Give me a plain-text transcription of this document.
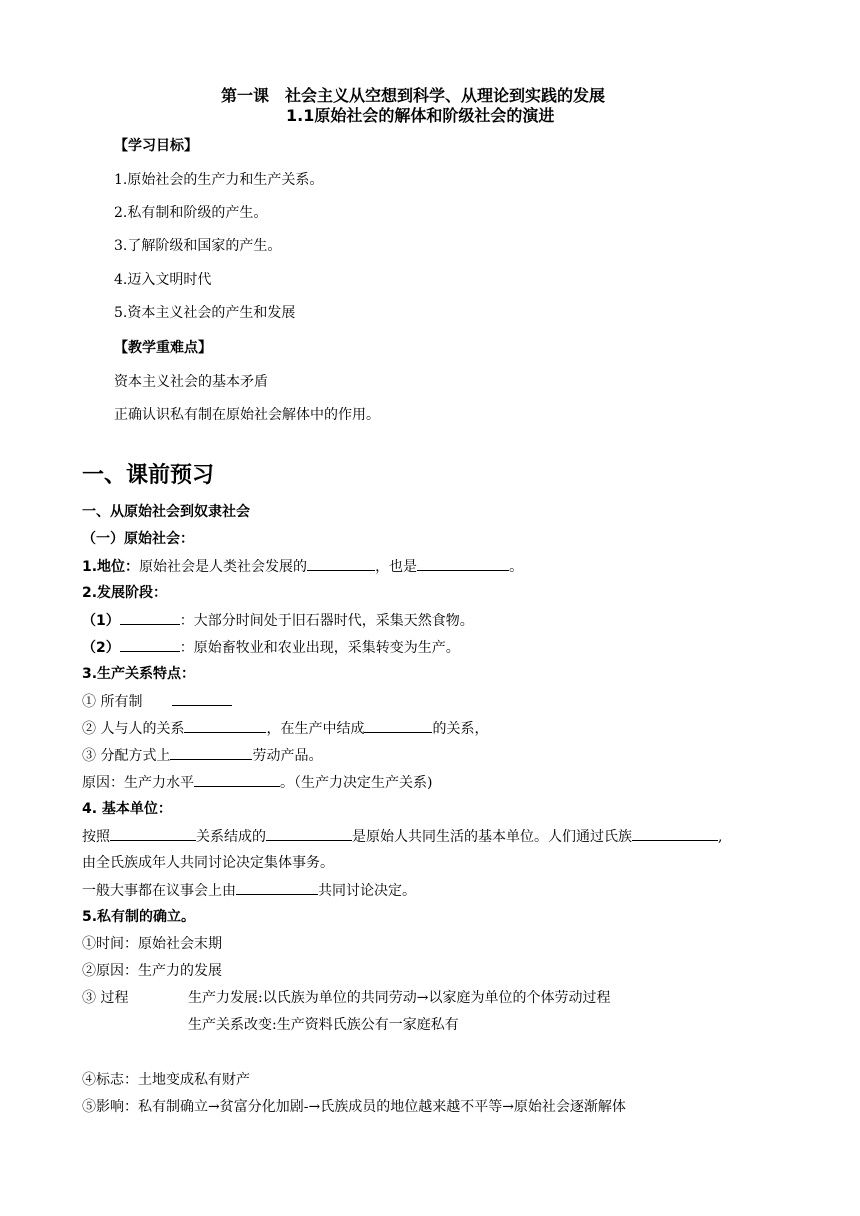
第一课　社会主义从空想到科学、从理论到实践的发展
1.1原始社会的解体和阶级社会的演进
【学习目标】
1.原始社会的生产力和生产关系。
2.私有制和阶级的产生。
3.了解阶级和国家的产生。
4.迈入文明时代
5.资本主义社会的产生和发展
【教学重难点】
资本主义社会的基本矛盾
正确认识私有制在原始社会解体中的作用。
一、课前预习
一、从原始社会到奴隶社会
（一）原始社会：
1.地位：原始社会是人类社会发展的	，也是	。
2.发展阶段：
（1）	：大部分时间处于旧石器时代，采集天然食物。
（2）	：原始畜牧业和农业出现，采集转变为生产。
3.生产关系特点：
① 所有制
② 人与人的关系	，在生产中结成	的关系，
③ 分配方式上	劳动产品。
原因：生产力水平	。（生产力决定生产关系)
4. 基本单位：
按照	关系结成的	是原始人共同生活的基本单位。人们通过氏族	,
由全氏族成年人共同讨论决定集体事务。
一般大事都在议事会上由	共同讨论决定。
5.私有制的确立。
①时间：原始社会末期
②原因：生产力的发展
③ 过程	生产力发展:以氏族为单位的共同劳动→以家庭为单位的个体劳动过程
生产关系改变:生产资料氏族公有一家庭私有
④标志：土地变成私有财产
⑤影响：私有制确立→贫富分化加剧-→氏族成员的地位越来越不平等→原始社会逐渐解体
